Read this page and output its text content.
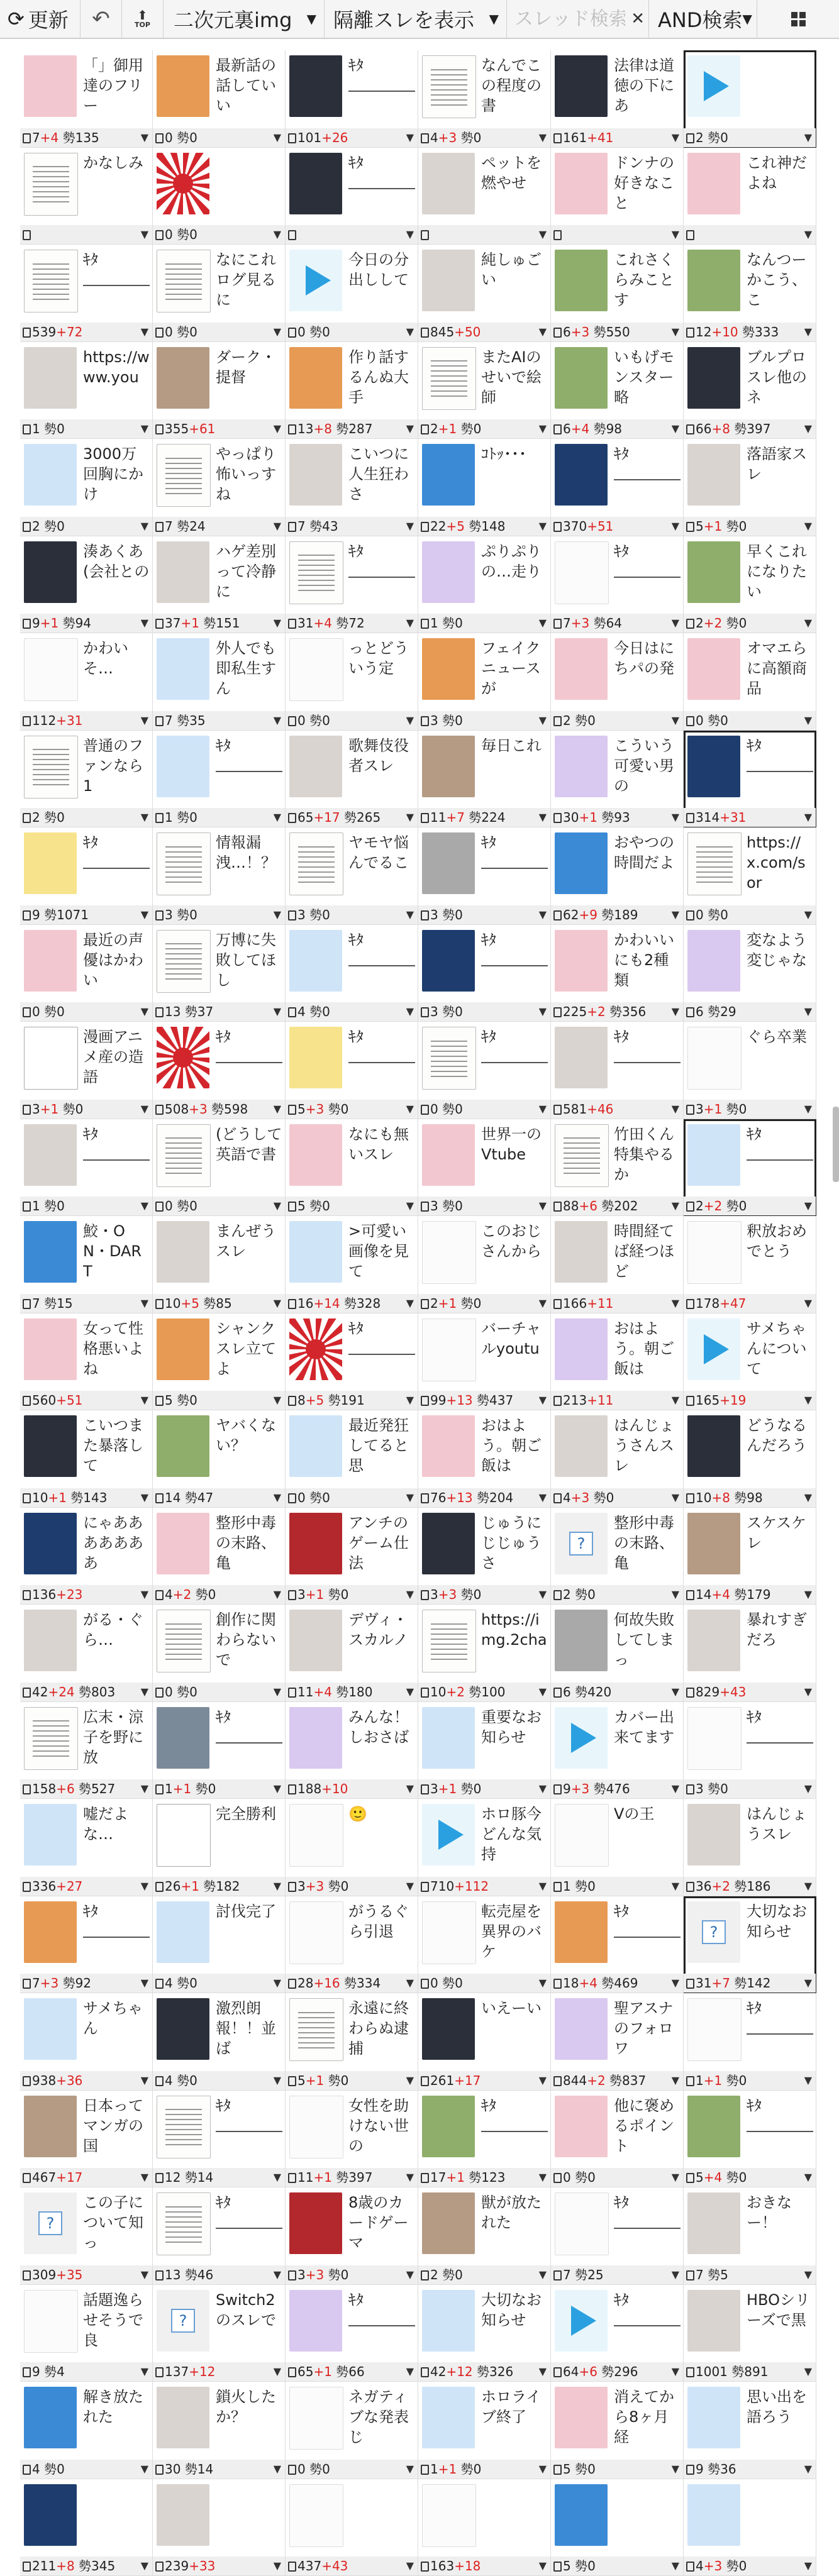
⟳ 更新 ↶ ⬆
TOP 二次元裏img ▼ 隔離スレを表示 ▼
スレッド検索	✕ AND検索 ▼
「」御用達のフリー
7+4 勢135	▼
最新話の話していい
0 勢0	▼
ｷﾀ
101+26	▼
なんでこの程度の書
4+3 勢0	▼
法律は道徳の下にあ
161+41	▼	2 勢0	▼
かなしみ
▼	0 勢0	▼
ｷﾀ
▼
ペットを燃やせ
▼
ドンナの好きなこと
▼
これ神だよね
▼
ｷﾀ
539+72	▼
なにこれログ見るに
0 勢0	▼
今日の分出しして
0 勢0	▼
純しゅごい
845+50	▼
これさくらみことす
6+3 勢550	▼
なんつーかこう、こ
12+10 勢333	▼
https://www.you
1 勢0	▼
ダーク・提督
355+61	▼
作り話するんぬ大手
13+8 勢287	▼
またAIのせいで絵師
2+1 勢0	▼
いもげモンスター略
6+4 勢98	▼
ブルプロスレ他のネ
66+8 勢397	▼
3000万回胸にかけ
2 勢0	▼
やっぱり怖いっすね
7 勢24	▼
こいつに人生狂わさ
7 勢43	▼
ｺﾄｯ･･･
22+5 勢148	▼
ｷﾀ
370+51	▼
落語家スレ
5+1 勢0	▼
湊あくあ(会社との
9+1 勢94	▼
ハゲ差別って冷静に
37+1 勢151	▼
ｷﾀ
31+4 勢72	▼
ぷりぷりの…走り
1 勢0	▼
ｷﾀ
7+3 勢64	▼
早くこれになりたい
2+2 勢0	▼
かわいそ…
112+31	▼
外人でも即私生すん
7 勢35	▼
っとどういう定
0 勢0	▼
フェイクニュースが
3 勢0	▼
今日はにちパの発
2 勢0	▼
オマエらに高額商品
0 勢0	▼
普通のファンなら1
2 勢0	▼
ｷﾀ
1 勢0	▼
歌舞伎役者スレ
65+17 勢265	▼
毎日これ
11+7 勢224	▼
こういう可愛い男の
30+1 勢93	▼
ｷﾀ
314+31	▼
ｷﾀ
9 勢1071	▼
情報漏洩…！？
3 勢0	▼
ヤモヤ悩んでるこ
3 勢0	▼
ｷﾀ
3 勢0	▼
おやつの時間だよ
62+9 勢189	▼
https://x.com/sor
0 勢0	▼
最近の声優はかわい
0 勢0	▼
万博に失敗してほし
13 勢37	▼
ｷﾀ
4 勢0	▼
ｷﾀ
3 勢0	▼
かわいいにも2種類
225+2 勢356	▼
変なよう変じゃな
6 勢29	▼
漫画アニメ産の造語
3+1 勢0	▼
ｷﾀ
508+3 勢598	▼
ｷﾀ
5+3 勢0	▼
ｷﾀ
0 勢0	▼
ｷﾀ
581+46	▼
ぐら卒業
3+1 勢0	▼
ｷﾀ
1 勢0	▼
(どうして英語で書
0 勢0	▼
なにも無いスレ
5 勢0	▼
世界一のVtube
3 勢0	▼
竹田くん特集やるか
88+6 勢202	▼
ｷﾀ
2+2 勢0	▼
鮫・ON・DART
7 勢15	▼
まんぜうスレ
10+5 勢85	▼
>可愛い画像を見て
16+14 勢328	▼
このおじさんから
2+1 勢0	▼
時間経てば経つほど
166+11	▼
釈放おめでとう
178+47	▼
女って性格悪いよね
560+51	▼
シャンクスレ立てよ
5 勢0	▼
ｷﾀ
8+5 勢191	▼
バーチャルyoutu
99+13 勢437	▼
おはよう。朝ご飯は
213+11	▼
サメちゃんについて
165+19	▼
こいつまた暴落して
10+1 勢143	▼
ヤバくない？
14 勢47	▼
最近発狂してると思
0 勢0	▼
おはよう。朝ご飯は
76+13 勢204	▼
はんじょうさんスレ
4+3 勢0	▼
どうなるんだろう
10+8 勢98	▼
にゃあああああああ
136+23	▼
整形中毒の末路、亀
4+2 勢0	▼
アンチのゲーム仕法
3+1 勢0	▼
じゅうにじじゅうさ
3+3 勢0	▼
?
整形中毒の末路、亀
2 勢0	▼
スケスケレ
14+4 勢179	▼
がる・ぐら…
42+24 勢803	▼
創作に関わらないで
0 勢0	▼
デヴィ・スカルノ
11+4 勢180	▼
https://img.2cha
10+2 勢100	▼
何故失敗してしまっ
6 勢420	▼
暴れすぎだろ
829+43	▼
広末・涼子を野に放
158+6 勢527	▼
ｷﾀ
1+1 勢0	▼
みんな！しおさば
188+10	▼
重要なお知らせ
3+1 勢0	▼
カバー出来てます
9+3 勢476	▼
ｷﾀ
3 勢0	▼
嘘だよな…
336+27	▼
完全勝利
26+1 勢182	▼
🙂
3+3 勢0	▼
ホロ豚今どんな気持
710+112	▼
Vの王
1 勢0	▼
はんじょうスレ
36+2 勢186	▼
ｷﾀ
7+3 勢92	▼
討伐完了
4 勢0	▼
がうるぐら引退
28+16 勢334	▼
転売屋を異界のバケ
0 勢0	▼
ｷﾀ
18+4 勢469	▼
?
大切なお知らせ
31+7 勢142	▼
サメちゃん
938+36	▼
激烈朗報！！並ば
4 勢0	▼
永遠に終わらぬ逮捕
5+1 勢0	▼
いえーい
261+17	▼
聖アスナのフォロワ
844+2 勢837	▼
ｷﾀ
1+1 勢0	▼
日本ってマンガの国
467+17	▼
ｷﾀ
12 勢14	▼
女性を助けない世の
11+1 勢397	▼
ｷﾀ
17+1 勢123	▼
他に褒めるポイント
0 勢0	▼
ｷﾀ
5+4 勢0	▼
?
この子について知っ
309+35	▼
ｷﾀ
13 勢46	▼
8歳のカードゲーマ
3+3 勢0	▼
獣が放たれた
2 勢0	▼
ｷﾀ
7 勢25	▼
おきなー！
7 勢5	▼
話題逸らせそうで良
9 勢4	▼
?
Switch2のスレで
137+12	▼
ｷﾀ
65+1 勢66	▼
大切なお知らせ
42+12 勢326	▼
ｷﾀ
64+6 勢296	▼
HBOシリーズで黒
1001 勢891	▼
解き放たれた
4 勢0	▼
鎖火したか？
30 勢14	▼
ネガティブな発表じ
0 勢0	▼
ホロライブ終了
1+1 勢0	▼
消えてから8ヶ月経
5 勢0	▼
思い出を語ろう
9 勢36	▼
211+8 勢345	▼	239+33	▼	437+43	▼	163+18	▼	5 勢0	▼	4+3 勢0	▼
